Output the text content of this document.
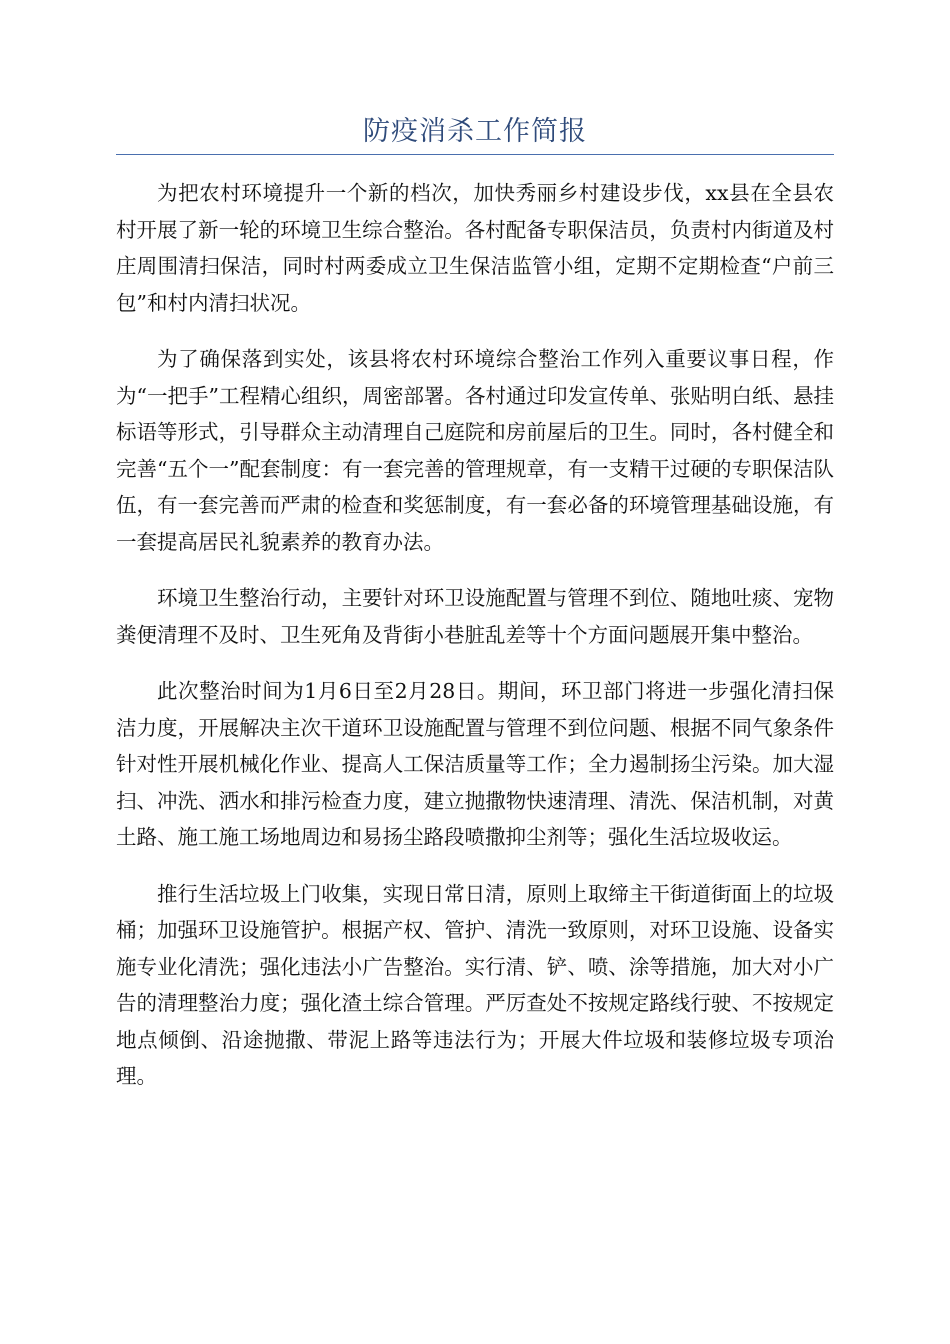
防疫消杀工作简报

为把农村环境提升一个新的档次，加快秀丽乡村建设步伐，xx县在全县农村开展了新一轮的环境卫生综合整治。各村配备专职保洁员，负责村内街道及村庄周围清扫保洁，同时村两委成立卫生保洁监管小组，定期不定期检查“户前三包”和村内清扫状况。

为了确保落到实处，该县将农村环境综合整治工作列入重要议事日程，作为“一把手”工程精心组织，周密部署。各村通过印发宣传单、张贴明白纸、悬挂标语等形式，引导群众主动清理自己庭院和房前屋后的卫生。同时，各村健全和完善“五个一”配套制度：有一套完善的管理规章，有一支精干过硬的专职保洁队伍，有一套完善而严肃的检查和奖惩制度，有一套必备的环境管理基础设施，有一套提高居民礼貌素养的教育办法。

环境卫生整治行动，主要针对环卫设施配置与管理不到位、随地吐痰、宠物粪便清理不及时、卫生死角及背街小巷脏乱差等十个方面问题展开集中整治。

此次整治时间为1月6日至2月28日。期间，环卫部门将进一步强化清扫保洁力度，开展解决主次干道环卫设施配置与管理不到位问题、根据不同气象条件针对性开展机械化作业、提高人工保洁质量等工作；全力遏制扬尘污染。加大湿扫、冲洗、洒水和排污检查力度，建立抛撒物快速清理、清洗、保洁机制，对黄土路、施工施工场地周边和易扬尘路段喷撒抑尘剂等；强化生活垃圾收运。

推行生活垃圾上门收集，实现日常日清，原则上取缔主干街道街面上的垃圾桶；加强环卫设施管护。根据产权、管护、清洗一致原则，对环卫设施、设备实施专业化清洗；强化违法小广告整治。实行清、铲、喷、涂等措施，加大对小广告的清理整治力度；强化渣土综合管理。严厉查处不按规定路线行驶、不按规定地点倾倒、沿途抛撒、带泥上路等违法行为；开展大件垃圾和装修垃圾专项治理。
